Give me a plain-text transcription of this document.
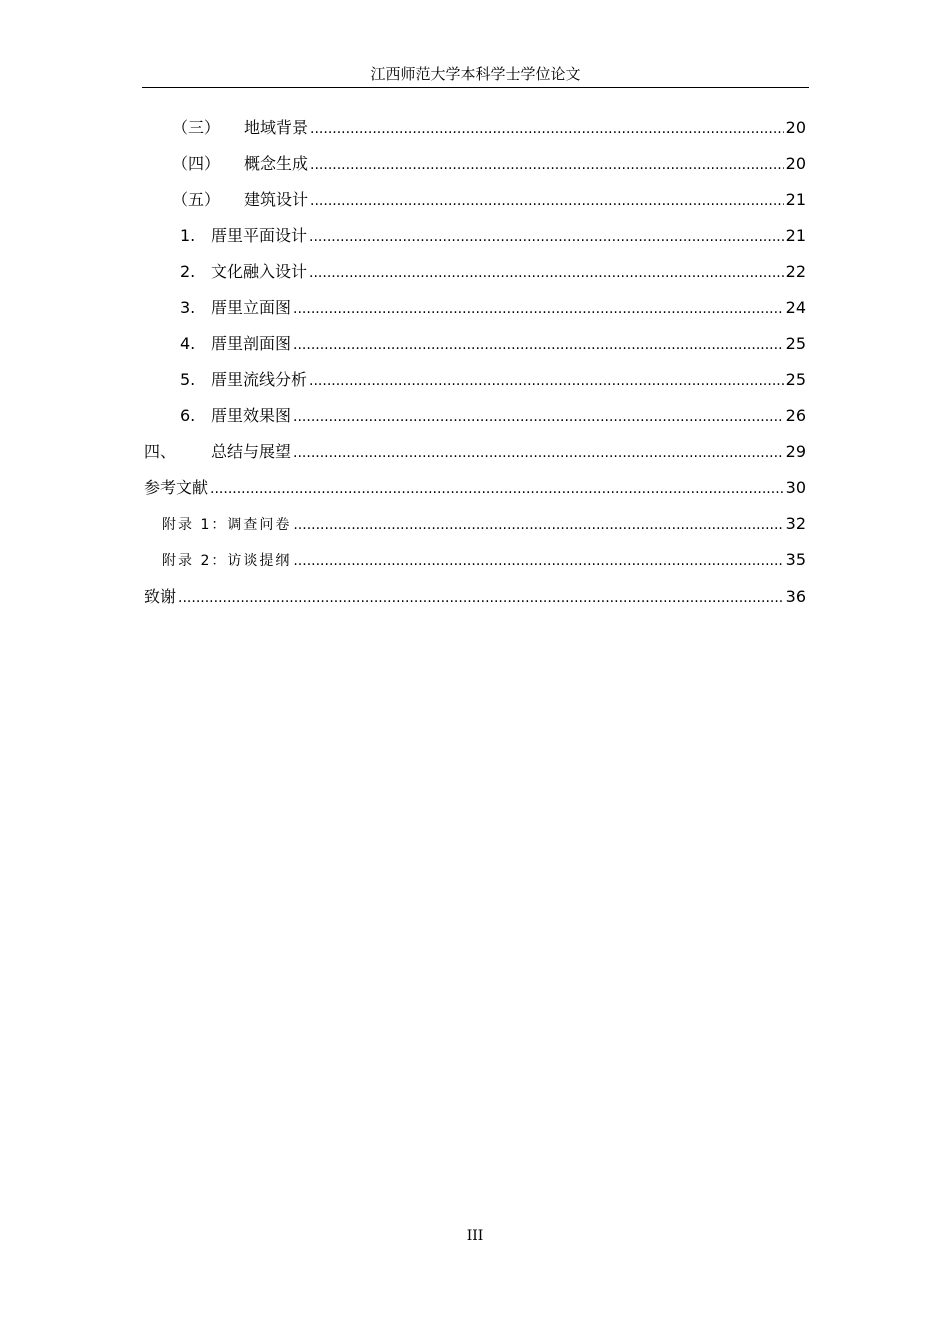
江西师范大学本科学士学位论文
（三）	地域背景 .....	20
（四）	概念生成 .....	20
（五）	建筑设计 .....	21
1. 厝里平面设计 .....	21
2. 文化融入设计 .....	22
3. 厝里立面图 .....	24
4. 厝里剖面图 .....	25
5. 厝里流线分析 .....	25
6. 厝里效果图 .....	26
四、	总结与展望 .....	29
参考文献 .....	30
附录 1：调查问卷 .....	32
附录 2：访谈提纲 .....	35
致谢 .....	36
III
